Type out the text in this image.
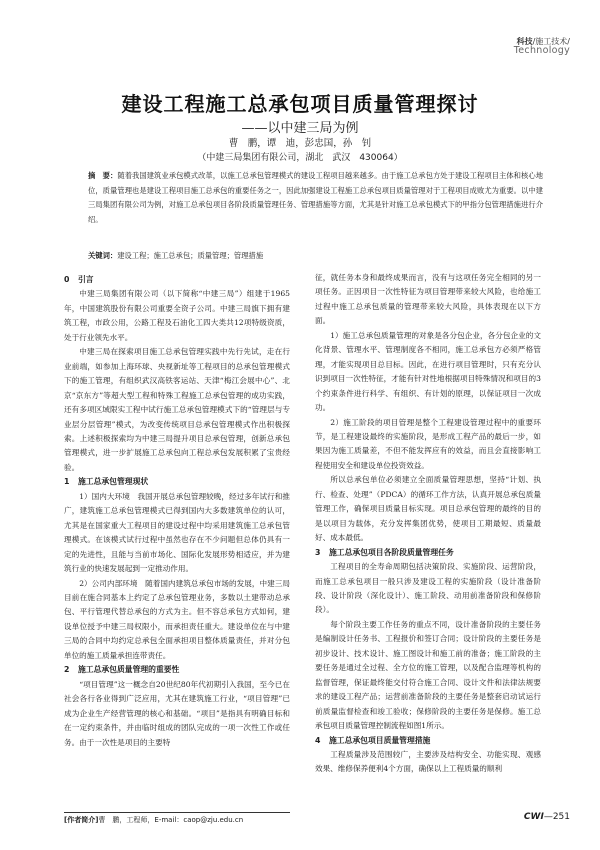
科技/施工技术/
Technology
建设工程施工总承包项目质量管理探讨
——以中建三局为例
曹　鹏，谭　迪，彭忠国，孙　钊
（中建三局集团有限公司，湖北　武汉　430064）
摘　要：随着我国建筑业承包模式改革，以施工总承包管理模式的建设工程项目越来越多。由于施工总承包方处于建设工程项目主体和核心地位，质量管理也是建设工程项目施工总承包的重要任务之一，因此加强建设工程施工总承包项目质量管理对于工程项目成败尤为重要。以中建三局集团有限公司为例，对施工总承包项目各阶段质量管理任务、管理措施等方面，尤其是针对施工总承包模式下的甲指分包管理措施进行介绍。
关键词：建设工程；施工总承包；质量管理；管理措施
0 引言

中建三局集团有限公司（以下简称“中建三局”）组建于1965年，中国建筑股份有限公司重要全资子公司。中建三局旗下拥有建筑工程，市政公用，公路工程及石油化工四大类共12项特级资质，处于行业领先水平。

中建三局在探索项目施工总承包管理实践中先行先试，走在行业前端，如参加上海环球、央视新址等工程项目的总承包管理模式下的施工管理，有组织武汉高铁客运站、天津“梅江会展中心”、北京“京东方”等超大型工程和特殊工程施工总承包管理的成功实践，还有多项区域限实工程中试行施工总承包管理模式下的“管理层与专业层分层管理”模式，为改变传统项目总承包管理模式作出积极探索。上述积极探索均为中建三局提升项目总承包管理，创新总承包管理模式，进一步扩展施工总承包向工程总承包发展积累了宝贵经验。

1 施工总承包管理现状

1）国内大环境　我国开展总承包管理较晚，经过多年试行和推广，建筑施工总承包管理模式已得到国内大多数建筑单位的认可，尤其是在国家重大工程项目的建设过程中均采用建筑施工总承包管理模式。在该模式试行过程中虽然也存在不少问题但总体仍具有一定的先进性，且能与当前市场化、国际化发展形势相适应，并为建筑行业的快速发展起到一定推动作用。

2）公司内部环境　随着国内建筑总承包市场的发展，中建三局目前在施合同基本上约定了总承包管理业务，多数以土建带动总承包、平行管理代替总承包的方式为主。但不容总承包方式如何，建设单位授予中建三局权限小，而承担责任重大。建设单位在与中建三局的合同中均约定总承包全面承担项目整体质量责任，并对分包单位的施工质量承担连带责任。

2 施工总承包质量管理的重要性

“项目管理”这一概念自20世纪80年代初期引入我国，至今已在社会各行各业得到广泛应用，尤其在建筑施工行业，“项目管理”已成为企业生产经营管理的核心和基础。“项目”是指具有明确目标和在一定约束条件，并由临时组成的团队完成的一项一次性工作或任务。由于一次性是项目的主要特

征，就任务本身和最终成果而言，没有与这项任务完全相同的另一项任务。正因项目一次性特征为项目管理带来较大风险，也给施工过程中施工总承包质量的管理带来较大风险，具体表现在以下方面。

1）施工总承包质量管理的对象是各分包企业，各分包企业的文化背景、管理水平、管理制度各不相同，施工总承包方必须严格管理，才能实现项目总目标。因此，在进行项目管理时，只有充分认识到项目一次性特征，才能有针对性地根据项目特殊情况和项目的3个约束条件进行科学、有组织、有计划的原理，以保证项目一次成功。

2）施工阶段的项目管理是整个工程建设管理过程中的重要环节，是工程建设最终的实施阶段，是形成工程产品的最后一步，如果因为施工质量差，不但不能发挥应有的效益，而且会直接影响工程使用安全和建设单位投资效益。

所以总承包单位必须建立全面质量管理思想，坚持“计划、执行、检查、处理”（PDCA）的循环工作方法，认真开展总承包质量管理工作，确保项目质量目标实现。项目总承包管理的最终的目的是以项目为载体，充分发挥集团优势，使项目工期最短、质量最好、成本最低。

3 施工总承包项目各阶段质量管理任务

工程项目的全寿命周期包括决策阶段、实施阶段、运营阶段，而施工总承包项目一般只涉及建设工程的实施阶段（设计准备阶段、设计阶段（深化设计）、施工阶段、动用前准备阶段和保修阶段）。

每个阶段主要工作任务的重点不同，设计准备阶段的主要任务是编制设计任务书、工程报价和签订合同；设计阶段的主要任务是初步设计、技术设计、施工图设计和施工前的准备；施工阶段的主要任务是通过全过程、全方位的施工管理，以及配合监理等机构的监督管理，保证最终能交付符合施工合同、设计文件和法律法规要求的建设工程产品；运营前准备阶段的主要任务是整套启动试运行前质量监督检查和竣工验收；保修阶段的主要任务是保修。施工总承包项目质量管理控制流程如图1所示。

4 施工总承包项目质量管理措施

工程质量涉及范围较广，主要涉及结构安全、功能实现、观感效果、维修保养便利4个方面，确保以上工程质量的顺利

[作者简介]曹　鹏，工程师，E-mail：caop@zju.edu.cn	CWI—251
